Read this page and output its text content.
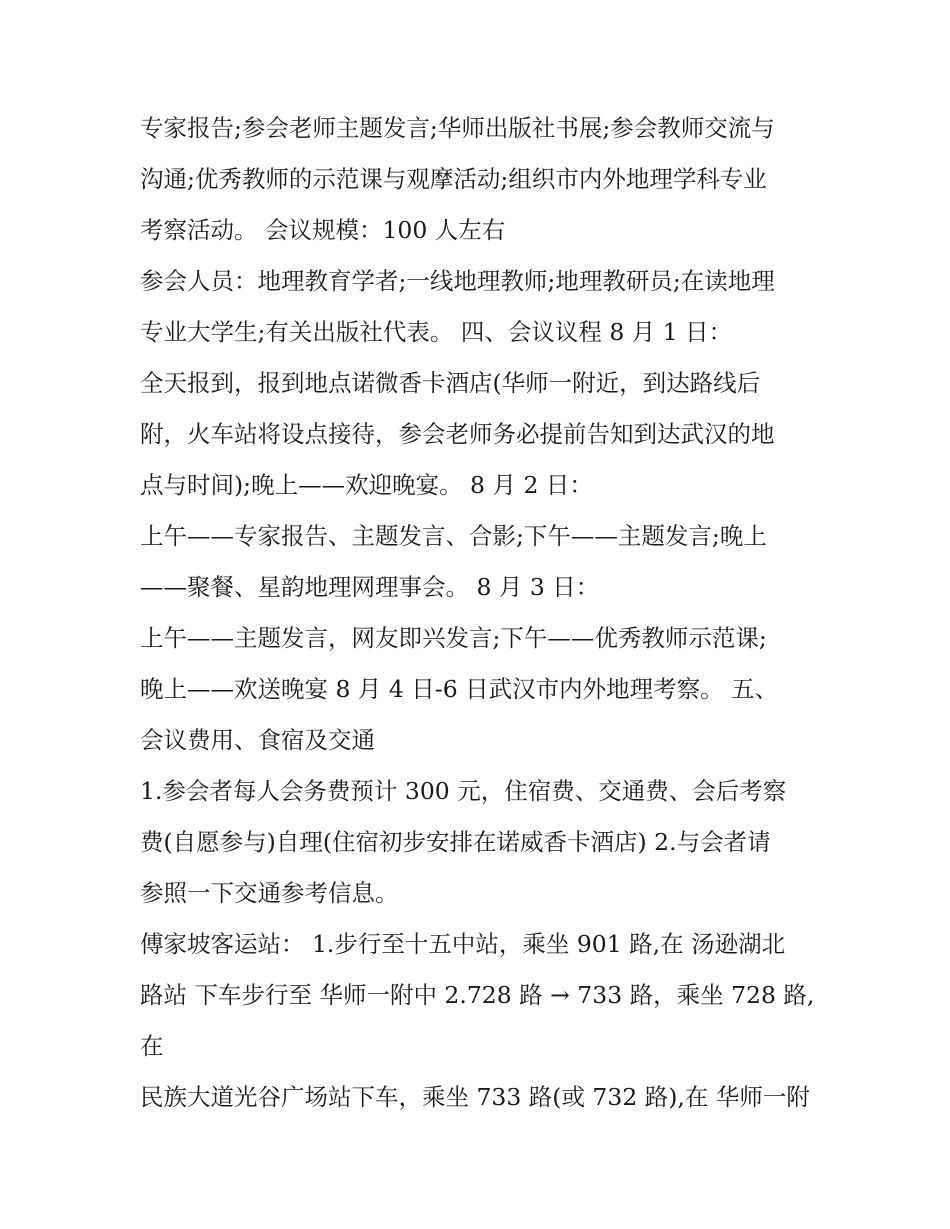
专家报告;参会老师主题发言;华师出版社书展;参会教师交流与
沟通;优秀教师的示范课与观摩活动;组织市内外地理学科专业
考察活动。 会议规模：100 人左右
参会人员：地理教育学者;一线地理教师;地理教研员;在读地理
专业大学生;有关出版社代表。 四、会议议程 8 月 1 日：
全天报到，报到地点诺微香卡酒店(华师一附近，到达路线后
附，火车站将设点接待，参会老师务必提前告知到达武汉的地
点与时间);晚上——欢迎晚宴。 8 月 2 日：
上午——专家报告、主题发言、合影;下午——主题发言;晚上
——聚餐、星韵地理网理事会。 8 月 3 日：
上午——主题发言，网友即兴发言;下午——优秀教师示范课;
晚上——欢送晚宴 8 月 4 日-6 日武汉市内外地理考察。 五、
会议费用、食宿及交通
1.参会者每人会务费预计 300 元，住宿费、交通费、会后考察
费(自愿参与)自理(住宿初步安排在诺威香卡酒店) 2.与会者请
参照一下交通参考信息。
傅家坡客运站： 1.步行至十五中站，乘坐 901 路,在 汤逊湖北
路站 下车步行至 华师一附中 2.728 路 → 733 路，乘坐 728 路,
在
民族大道光谷广场站下车，乘坐 733 路(或 732 路),在 华师一附
